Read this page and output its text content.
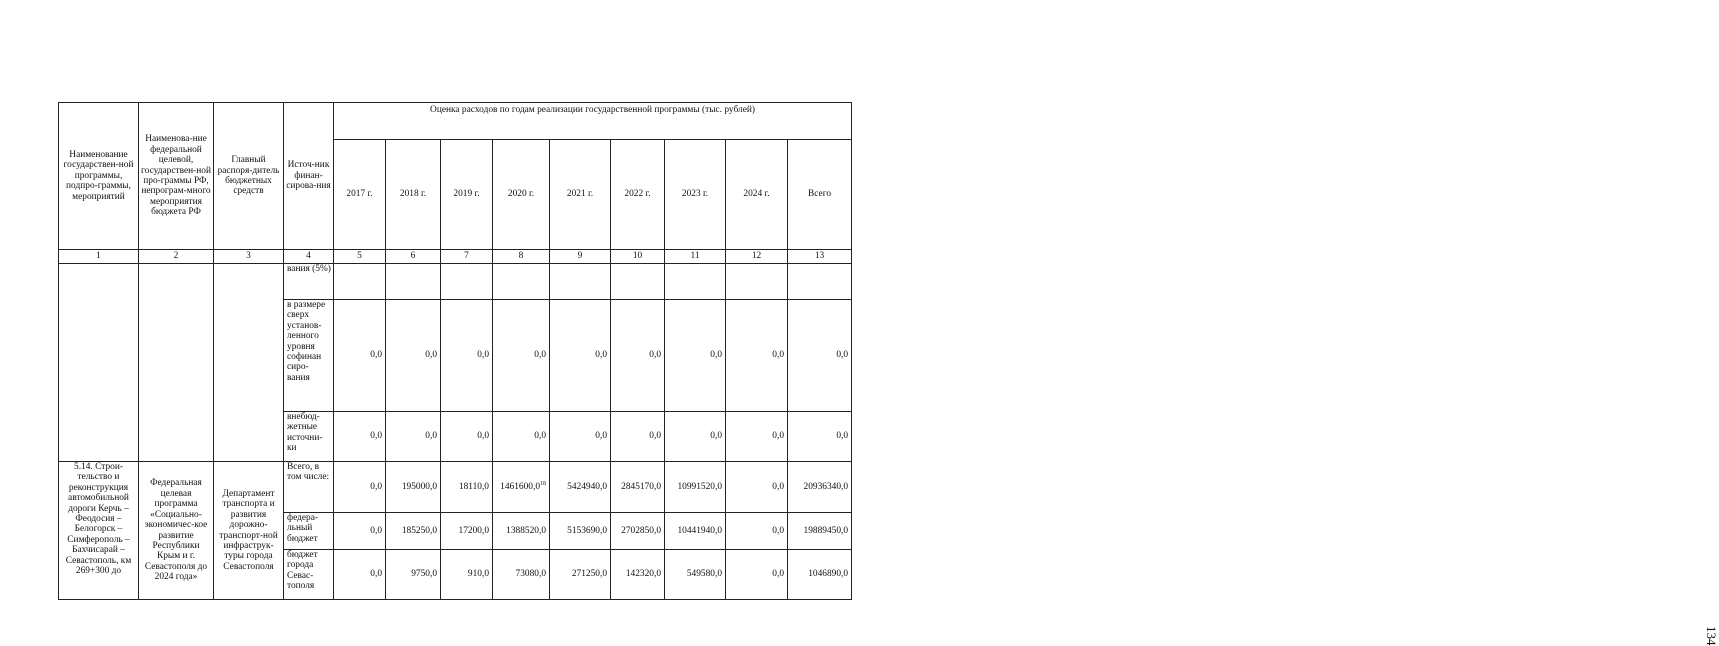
134
Наименование государствен-ной программы, подпро-граммы, мероприятий	Наименова-ние федеральной целевой, государствен-ной про-граммы РФ, непрограм-много мероприятия бюджета РФ	Главный распоря-дитель бюджетных средств	Источ-ник финан-сирова-ния	Оценка расходов по годам реализации государственной программы (тыс. рублей)								
				2017 г.	2018 г.	2019 г.	2020 г.	2021 г.	2022 г.	2023 г.	2024 г.	Всего
1	2	3	4	5	6	7	8	9	10	11	12	13
			вания (5%)									
			в размере сверх установ-ленного уровня софинан сиро-вания	0,0	0,0	0,0	0,0	0,0	0,0	0,0	0,0	0,0
			внебюд-жетные источни-ки	0,0	0,0	0,0	0,0	0,0	0,0	0,0	0,0	0,0
5.14. Строи-тельство и реконструкция автомобильной дороги Керчь – Феодосия – Белогорск – Симферополь – Бахчисарай – Севастополь, км 269+300 до	Федеральная целевая программа «Социально-экономичес-кое развитие Республики Крым и г. Севастополя до 2024 года»	Департамент транспорта и развития дорожно-транспорт-ной инфраструк-туры города Севастополя	Всего, в том числе:	0,0	195000,0	18110,0	1461600,0$^{18}$	5424940,0	2845170,0	10991520,0	0,0	20936340,0
			федера-льный бюджет	0,0	185250,0	17200,0	1388520,0	5153690,0	2702850,0	10441940,0	0,0	19889450,0
			бюджет города Севас-тополя	0,0	9750,0	910,0	73080,0	271250,0	142320,0	549580,0	0,0	1046890,0
